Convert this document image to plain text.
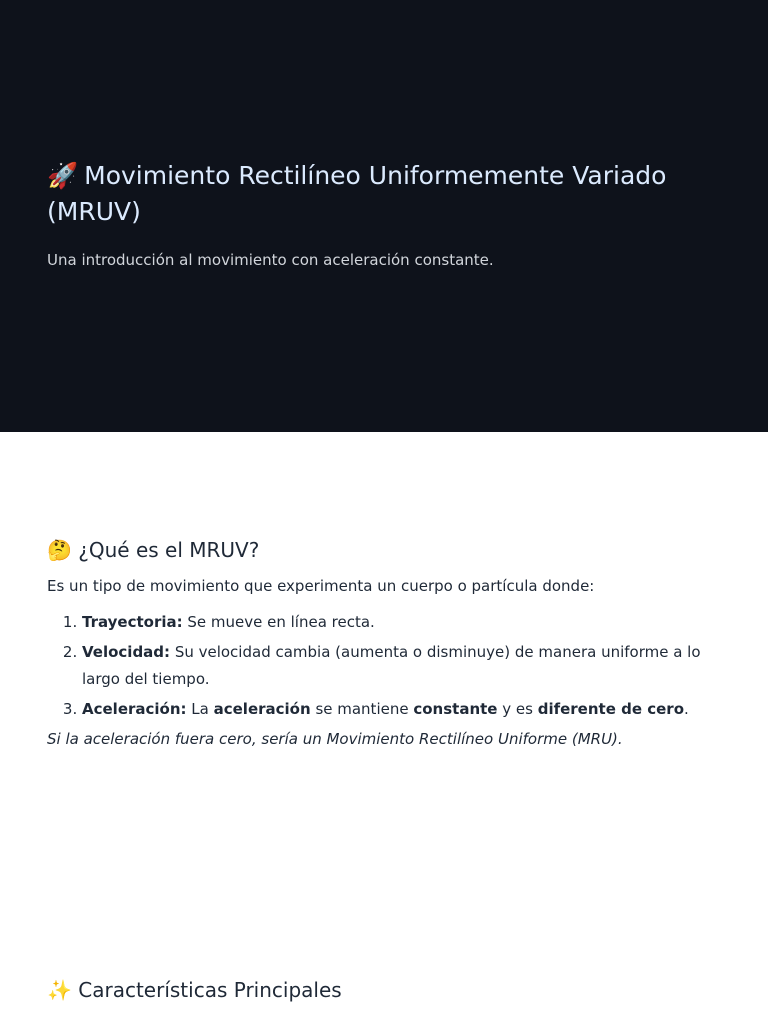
🚀 Movimiento Rectilíneo Uniformemente Variado (MRUV)

Una introducción al movimiento con aceleración constante.

🤔 ¿Qué es el MRUV?

Es un tipo de movimiento que experimenta un cuerpo o partícula donde:

1. Trayectoria: Se mueve en línea recta.
2. Velocidad: Su velocidad cambia (aumenta o disminuye) de manera uniforme a lo largo del tiempo.
3. Aceleración: La aceleración se mantiene constante y es diferente de cero.

Si la aceleración fuera cero, sería un Movimiento Rectilíneo Uniforme (MRU).

✨ Características Principales
